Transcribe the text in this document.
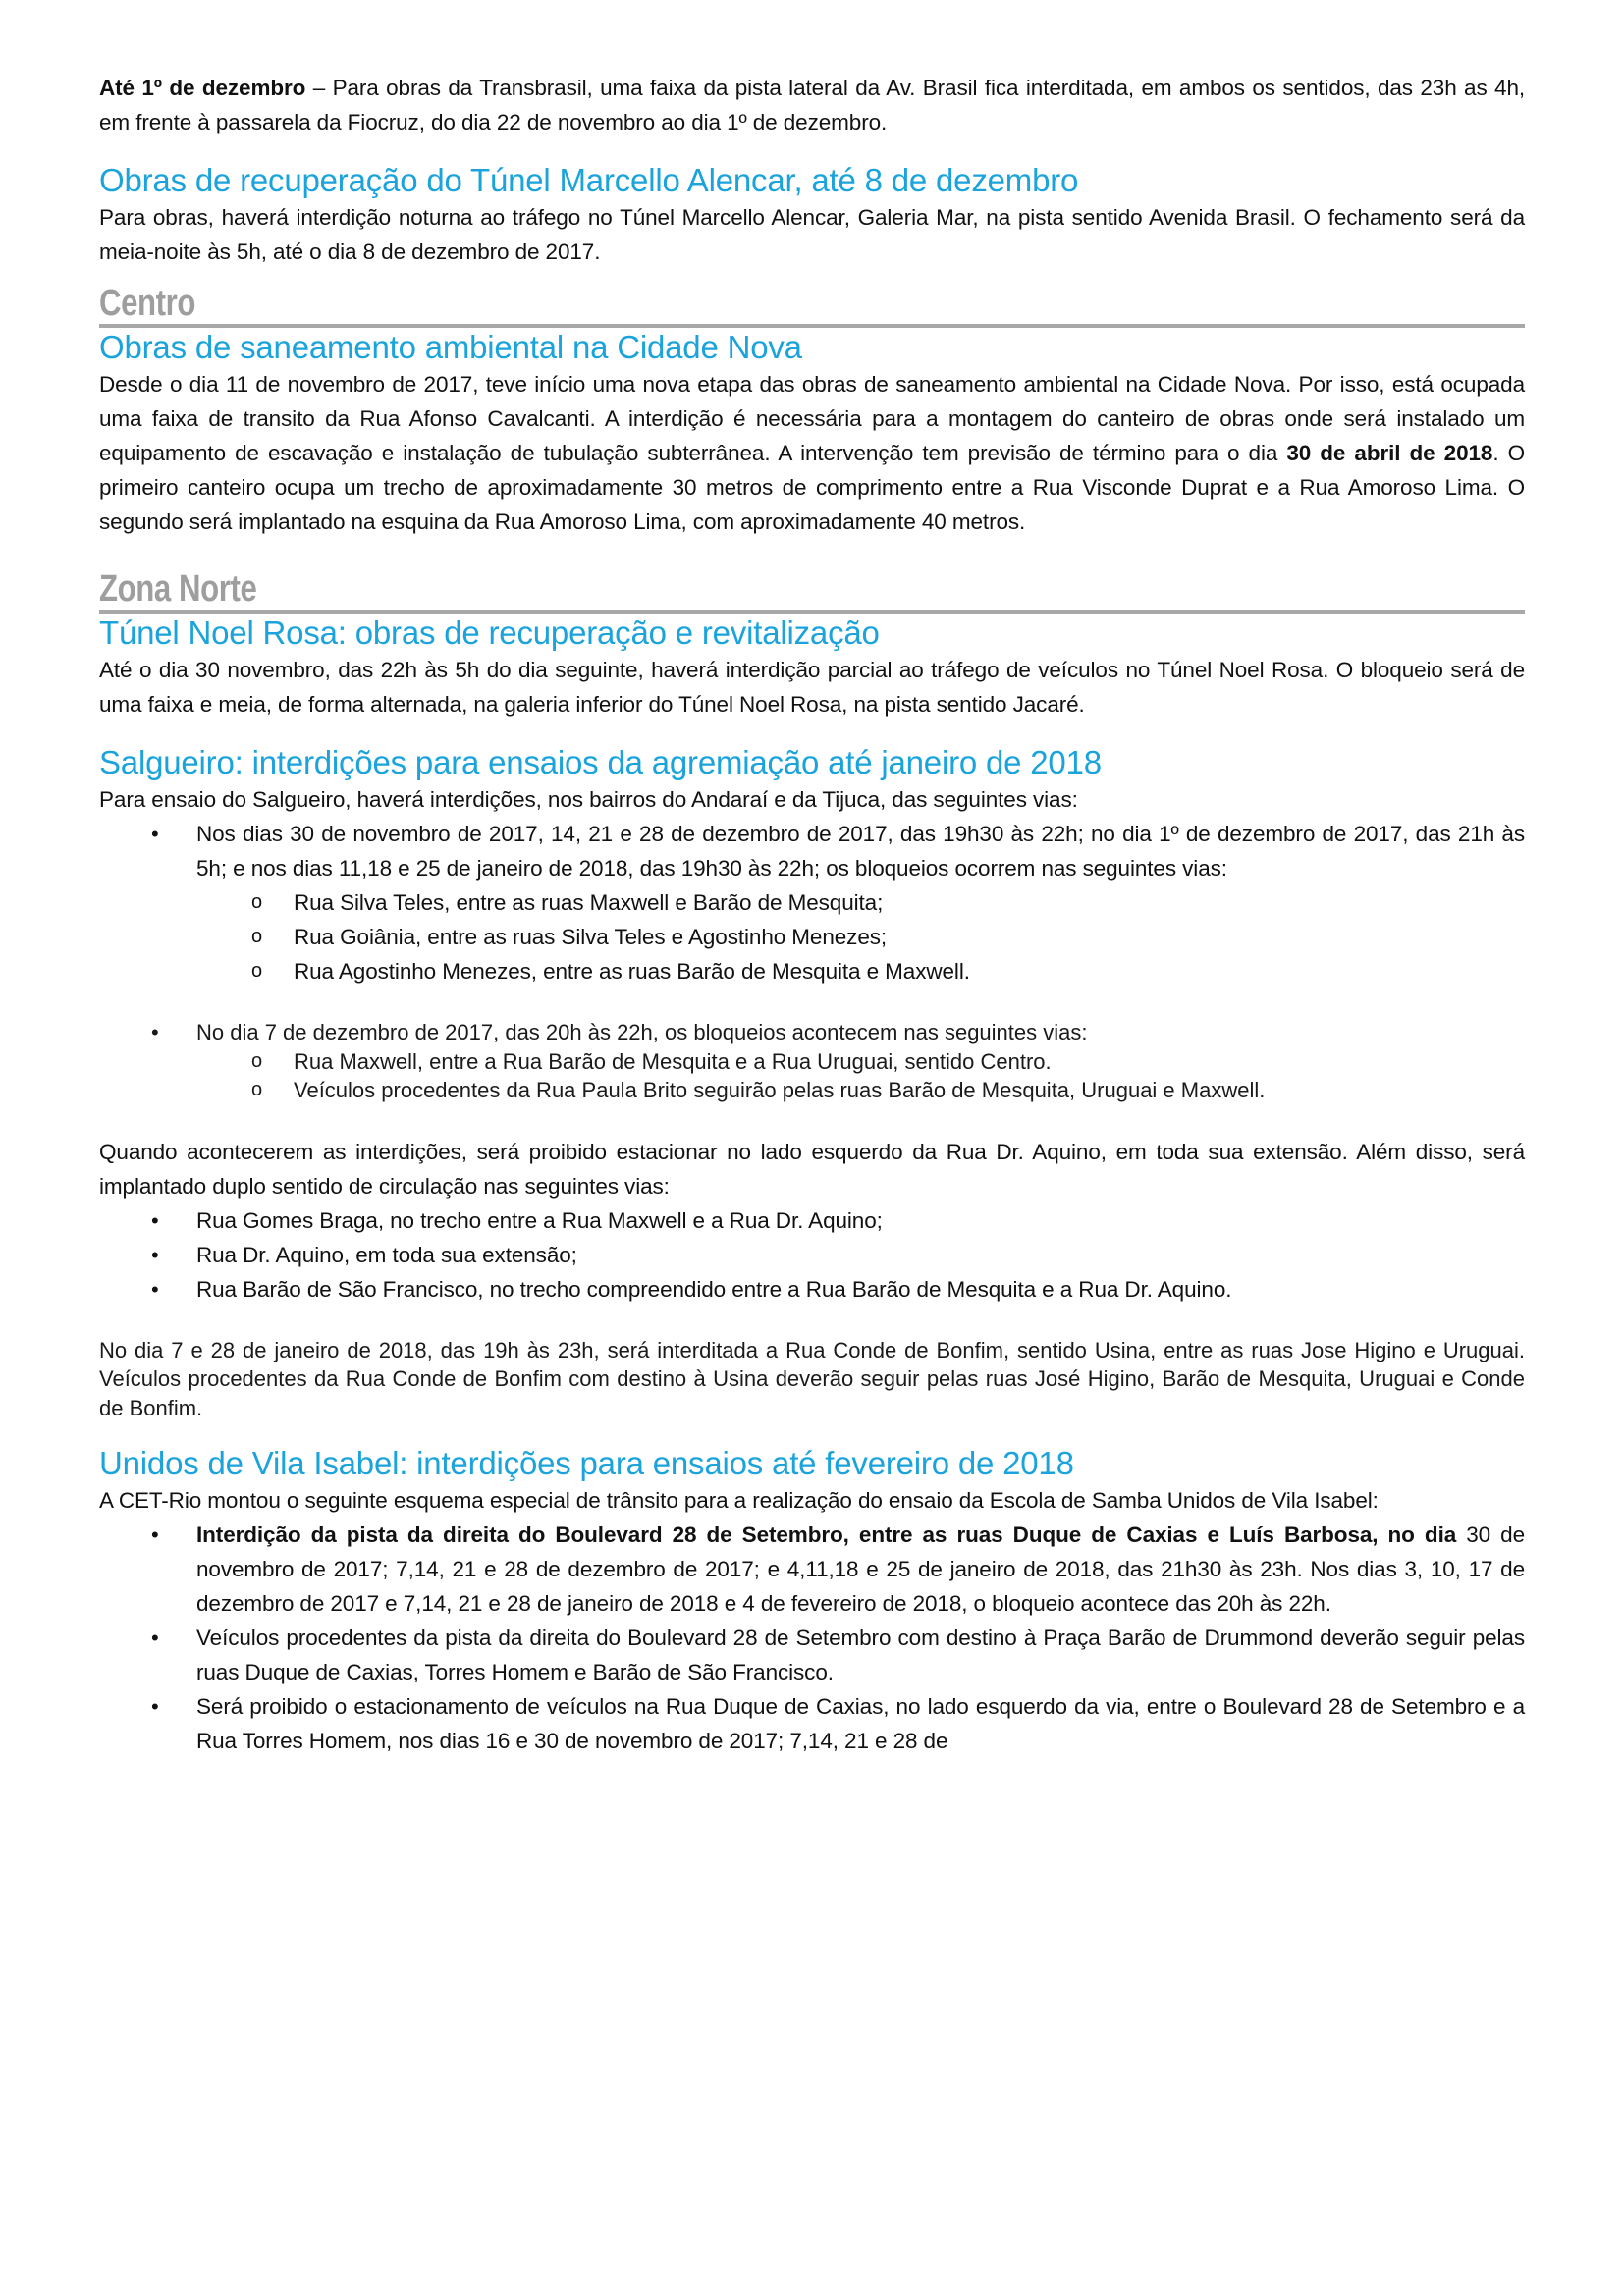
Até 1º de dezembro – Para obras da Transbrasil, uma faixa da pista lateral da Av. Brasil fica interditada, em ambos os sentidos, das 23h as 4h, em frente à passarela da Fiocruz, do dia 22 de novembro ao dia 1º de dezembro.

Obras de recuperação do Túnel Marcello Alencar, até 8 de dezembro

Para obras, haverá interdição noturna ao tráfego no Túnel Marcello Alencar, Galeria Mar, na pista sentido Avenida Brasil. O fechamento será da meia-noite às 5h, até o dia 8 de dezembro de 2017.

Centro
Obras de saneamento ambiental na Cidade Nova

Desde o dia 11 de novembro de 2017, teve início uma nova etapa das obras de saneamento ambiental na Cidade Nova. Por isso, está ocupada uma faixa de transito da Rua Afonso Cavalcanti. A interdição é necessária para a montagem do canteiro de obras onde será instalado um equipamento de escavação e instalação de tubulação subterrânea. A intervenção tem previsão de término para o dia 30 de abril de 2018. O primeiro canteiro ocupa um trecho de aproximadamente 30 metros de comprimento entre a Rua Visconde Duprat e a Rua Amoroso Lima. O segundo será implantado na esquina da Rua Amoroso Lima, com aproximadamente 40 metros.

Zona Norte
Túnel Noel Rosa: obras de recuperação e revitalização

Até o dia 30 novembro, das 22h às 5h do dia seguinte, haverá interdição parcial ao tráfego de veículos no Túnel Noel Rosa. O bloqueio será de uma faixa e meia, de forma alternada, na galeria inferior do Túnel Noel Rosa, na pista sentido Jacaré.

Salgueiro: interdições para ensaios da agremiação até janeiro de 2018

Para ensaio do Salgueiro, haverá interdições, nos bairros do Andaraí e da Tijuca, das seguintes vias:

• Nos dias 30 de novembro de 2017, 14, 21 e 28 de dezembro de 2017, das 19h30 às 22h; no dia 1º de dezembro de 2017, das 21h às 5h; e nos dias 11,18 e 25 de janeiro de 2018, das 19h30 às 22h; os bloqueios ocorrem nas seguintes vias:
o Rua Silva Teles, entre as ruas Maxwell e Barão de Mesquita;
o Rua Goiânia, entre as ruas Silva Teles e Agostinho Menezes;
o Rua Agostinho Menezes, entre as ruas Barão de Mesquita e Maxwell.
• No dia 7 de dezembro de 2017, das 20h às 22h, os bloqueios acontecem nas seguintes vias:
o Rua Maxwell, entre a Rua Barão de Mesquita e a Rua Uruguai, sentido Centro.
o Veículos procedentes da Rua Paula Brito seguirão pelas ruas Barão de Mesquita, Uruguai e Maxwell.

Quando acontecerem as interdições, será proibido estacionar no lado esquerdo da Rua Dr. Aquino, em toda sua extensão. Além disso, será implantado duplo sentido de circulação nas seguintes vias:

• Rua Gomes Braga, no trecho entre a Rua Maxwell e a Rua Dr. Aquino;
• Rua Dr. Aquino, em toda sua extensão;
• Rua Barão de São Francisco, no trecho compreendido entre a Rua Barão de Mesquita e a Rua Dr. Aquino.

No dia 7 e 28 de janeiro de 2018, das 19h às 23h, será interditada a Rua Conde de Bonfim, sentido Usina, entre as ruas Jose Higino e Uruguai. Veículos procedentes da Rua Conde de Bonfim com destino à Usina deverão seguir pelas ruas José Higino, Barão de Mesquita, Uruguai e Conde de Bonfim.

Unidos de Vila Isabel: interdições para ensaios até fevereiro de 2018

A CET-Rio montou o seguinte esquema especial de trânsito para a realização do ensaio da Escola de Samba Unidos de Vila Isabel:

• Interdição da pista da direita do Boulevard 28 de Setembro, entre as ruas Duque de Caxias e Luís Barbosa, no dia 30 de novembro de 2017; 7,14, 21 e 28 de dezembro de 2017; e 4,11,18 e 25 de janeiro de 2018, das 21h30 às 23h. Nos dias 3, 10, 17 de dezembro de 2017 e 7,14, 21 e 28 de janeiro de 2018 e 4 de fevereiro de 2018, o bloqueio acontece das 20h às 22h.
• Veículos procedentes da pista da direita do Boulevard 28 de Setembro com destino à Praça Barão de Drummond deverão seguir pelas ruas Duque de Caxias, Torres Homem e Barão de São Francisco.
• Será proibido o estacionamento de veículos na Rua Duque de Caxias, no lado esquerdo da via, entre o Boulevard 28 de Setembro e a Rua Torres Homem, nos dias 16 e 30 de novembro de 2017; 7,14, 21 e 28 de
